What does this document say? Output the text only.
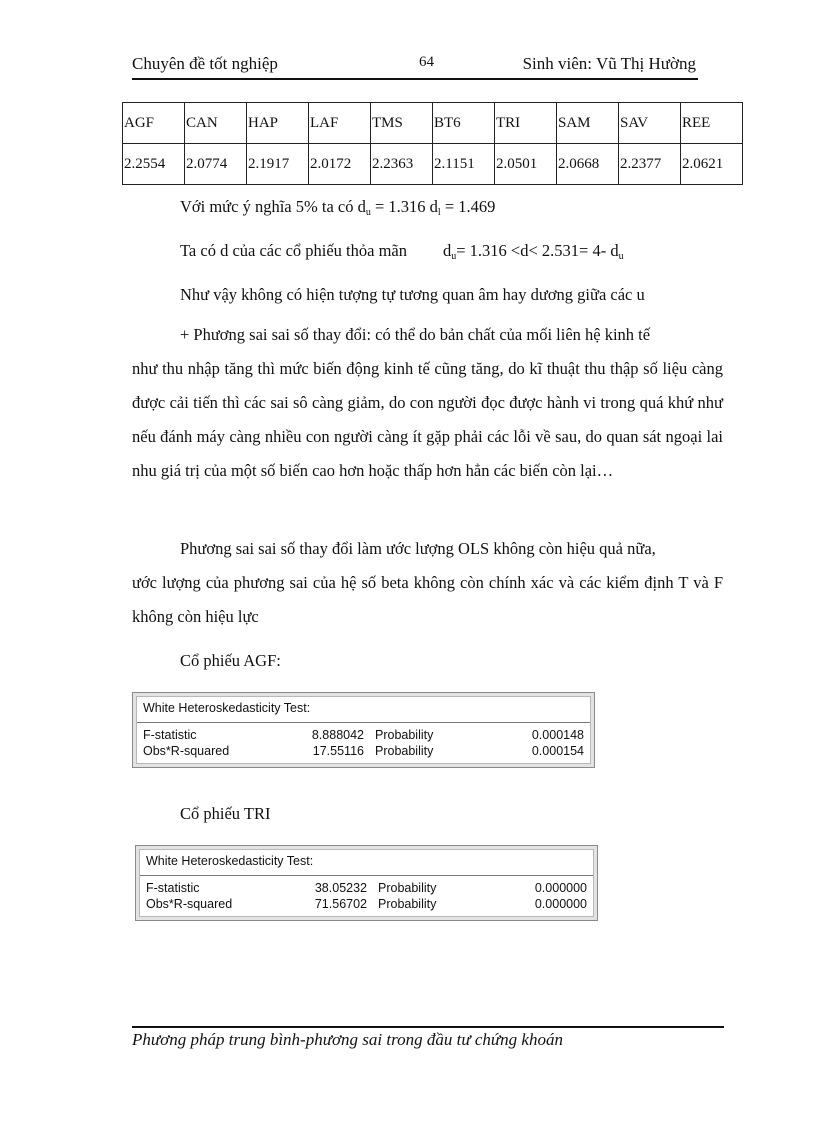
Chuyên đề tốt nghiệp	64	Sinh viên: Vũ Thị Hường
AGF	CAN	HAP	LAF	TMS	BT6	TRI	SAM	SAV	REE
2.2554	2.0774	2.1917	2.0172	2.2363	2.1151	2.0501	2.0668	2.2377	2.0621
Với mức ý nghĩa 5% ta có $d_u = 1.316$ $d_l = 1.469$
Ta có d của các cổ phiếu thỏa mãn $d_u= 1.316 <d< 2.531= 4-$ $d_u$
Như vậy không có hiện tượng tự tương quan âm hay dương giữa các u
+ Phương sai sai số thay đổi: có thể do bản chất của mối liên hệ kinh tế
như thu nhập tăng thì mức biến động kinh tế cũng tăng, do kĩ thuật thu thập số liệu càng được cải tiến thì các sai sô càng giảm, do con người đọc được hành vi trong quá khứ như nếu đánh máy càng nhiều con người càng ít gặp phải các lỗi về sau, do quan sát ngoại lai nhu giá trị của một số biến cao hơn hoặc thấp hơn hẳn các biến còn lại…
Phương sai sai số thay đổi làm ước lượng OLS không còn hiệu quả nữa,
ước lượng của phương sai của hệ số beta không còn chính xác và các kiểm định T và F không còn hiệu lực
Cổ phiếu AGF:
White Heteroskedasticity Test:
F-statistic	8.888042 Probability	0.000148
Obs*R-squared	17.55116 Probability	0.000154
Cổ phiếu TRI
White Heteroskedasticity Test:
F-statistic	38.05232 Probability	0.000000
Obs*R-squared	71.56702 Probability	0.000000
Phương pháp trung bình-phương sai trong đầu tư chứng khoán
